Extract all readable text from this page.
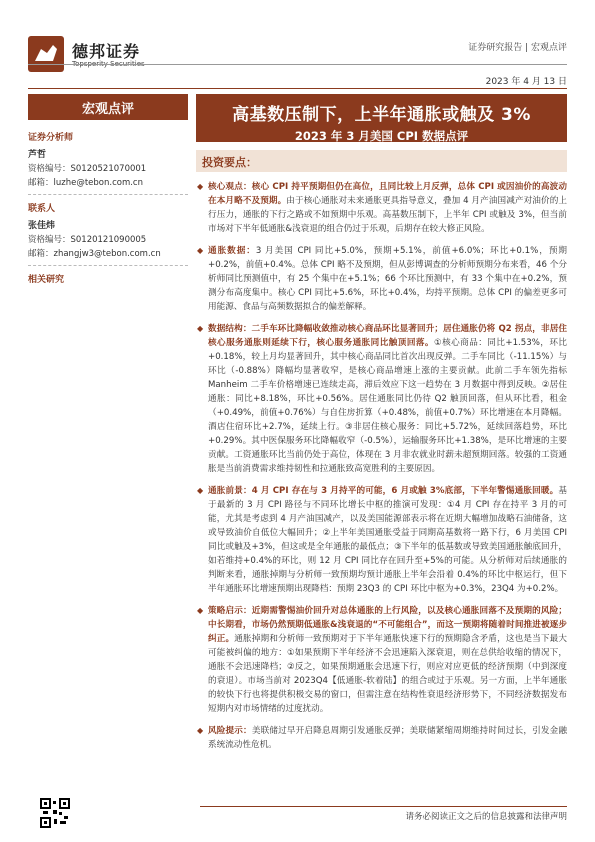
德邦证券
Topsperity Securities
证券研究报告 | 宏观点评
2023 年 4 月 13 日
宏观点评
证券分析师
芦哲
资格编号：S0120521070001
邮箱：luzhe@tebon.com.cn
联系人
张佳炜
资格编号：S0120121090005
邮箱：zhangjw3@tebon.com.cn
相关研究
高基数压制下，上半年通胀或触及 3%
2023 年 3 月美国 CPI 数据点评
投资要点：
◆ 核心观点：核心 CPI 持平预期但仍在高位，且同比较上月反弹，总体 CPI 或因油价的高波动在本月略不及预期。由于核心通胀对未来通胀更具指导意义，叠加 4 月产油国减产对油价的上行压力，通胀的下行之路或不如预期中乐观。高基数压制下，上半年 CPI 或触及 3%，但当前市场对下半年低通胀&浅衰退的组合仍过于乐观，后期存在较大修正风险。
◆ 通胀数据：3 月美国 CPI 同比+5.0%，预期+5.1%，前值+6.0%；环比+0.1%，预期+0.2%，前值+0.4%。总体 CPI 略不及预期，但从彭博调查的分析师预期分布来看，46 个分析师同比预测值中，有 25 个集中在+5.1%；66 个环比预测中，有 33 个集中在+0.2%，预测分布高度集中。核心 CPI 同比+5.6%，环比+0.4%，均持平预期。总体 CPI 的偏差更多可用能源、食品与高频数据拟合的偏差解释。
◆ 数据结构：二手车环比降幅收敛推动核心商品环比显著回升；居住通胀仍将 Q2 拐点，非居住核心服务通胀则延续下行，核心服务通胀同比触顶回落。①核心商品：同比+1.53%，环比+0.18%，较上月均显著回升，其中核心商品同比首次出现反弹。二手车同比（-11.15%）与环比（-0.88%）降幅均显著收窄，是核心商品增速上涨的主要贡献。此前二手车领先指标 Manheim 二手车价格增速已连续走高，滞后效应下这一趋势在 3 月数据中得到反映。②居住通胀：同比+8.18%，环比+0.56%。居住通胀同比仍待 Q2 触顶回落，但从环比看，租金（+0.49%，前值+0.76%）与自住房折算（+0.48%，前值+0.7%）环比增速在本月降幅。酒店住宿环比+2.7%，延续上行。③非居住核心服务：同比+5.72%，延续回落趋势，环比+0.29%。其中医保服务环比降幅收窄（-0.5%），运输服务环比+1.38%，是环比增速的主要贡献。工资通胀环比当前仍处于高位，体现在 3 月非农就业时薪未超预期回落。较强的工资通胀是当前消费需求维持韧性和拉通胀致高宽胜利的主要原因。
◆ 通胀前景：4 月 CPI 存在与 3 月持平的可能，6 月或触 3%底部，下半年警惕通胀回暖。基于最新的 3 月 CPI 路径与不同环比增长中枢的推演可发现：①4 月 CPI 存在持平 3 月的可能，尤其是考虑到 4 月产油国减产，以及美国能源部表示将在近期大幅增加战略石油储备，这或导致油价自低位大幅回升；②上半年美国通胀受益于同期高基数将一路下行，6 月美国 CPI 同比或触及+3%，但这或是全年通胀的最低点；③下半年的低基数或导致美国通胀触底回升，如若维持+0.4%的环比，则 12 月 CPI 同比存在回升至+5%的可能。从分析师对后续通胀的判断来看，通胀掉期与分析师一致预期均预计通胀上半年会沿着 0.4%的环比中枢运行，但下半年通胀环比增速预期出现降档：预期 23Q3 的 CPI 环比中枢为+0.3%，23Q4 为+0.2%。
◆ 策略启示：近期需警惕油价回升对总体通胀的上行风险，以及核心通胀回落不及预期的风险；中长期看，市场仍然预期低通胀&浅衰退的“不可能组合”，而这一预期将随着时间推进被逐步纠正。通胀掉期和分析师一致预期对于下半年通胀快速下行的预期隐含矛盾，这也是当下最大可能被纠偏的地方：①如果预期下半年经济不会迅速陷入深衰退，则在总供给收缩的情况下，通胀不会迅速降档；②反之，如果预期通胀会迅速下行，则应对应更低的经济预期（中到深度的衰退）。市场当前对 2023Q4【低通胀-软着陆】的组合或过于乐观。另一方面，上半年通胀的较快下行也将提供积极交易的窗口，但需注意在结构性衰退经济形势下，不同经济数据发布短期内对市场情绪的过度扰动。
◆ 风险提示：美联储过早开启降息周期引发通胀反弹；美联储紧缩周期维持时间过长，引发金融系统流动性危机。
请务必阅读正文之后的信息披露和法律声明
